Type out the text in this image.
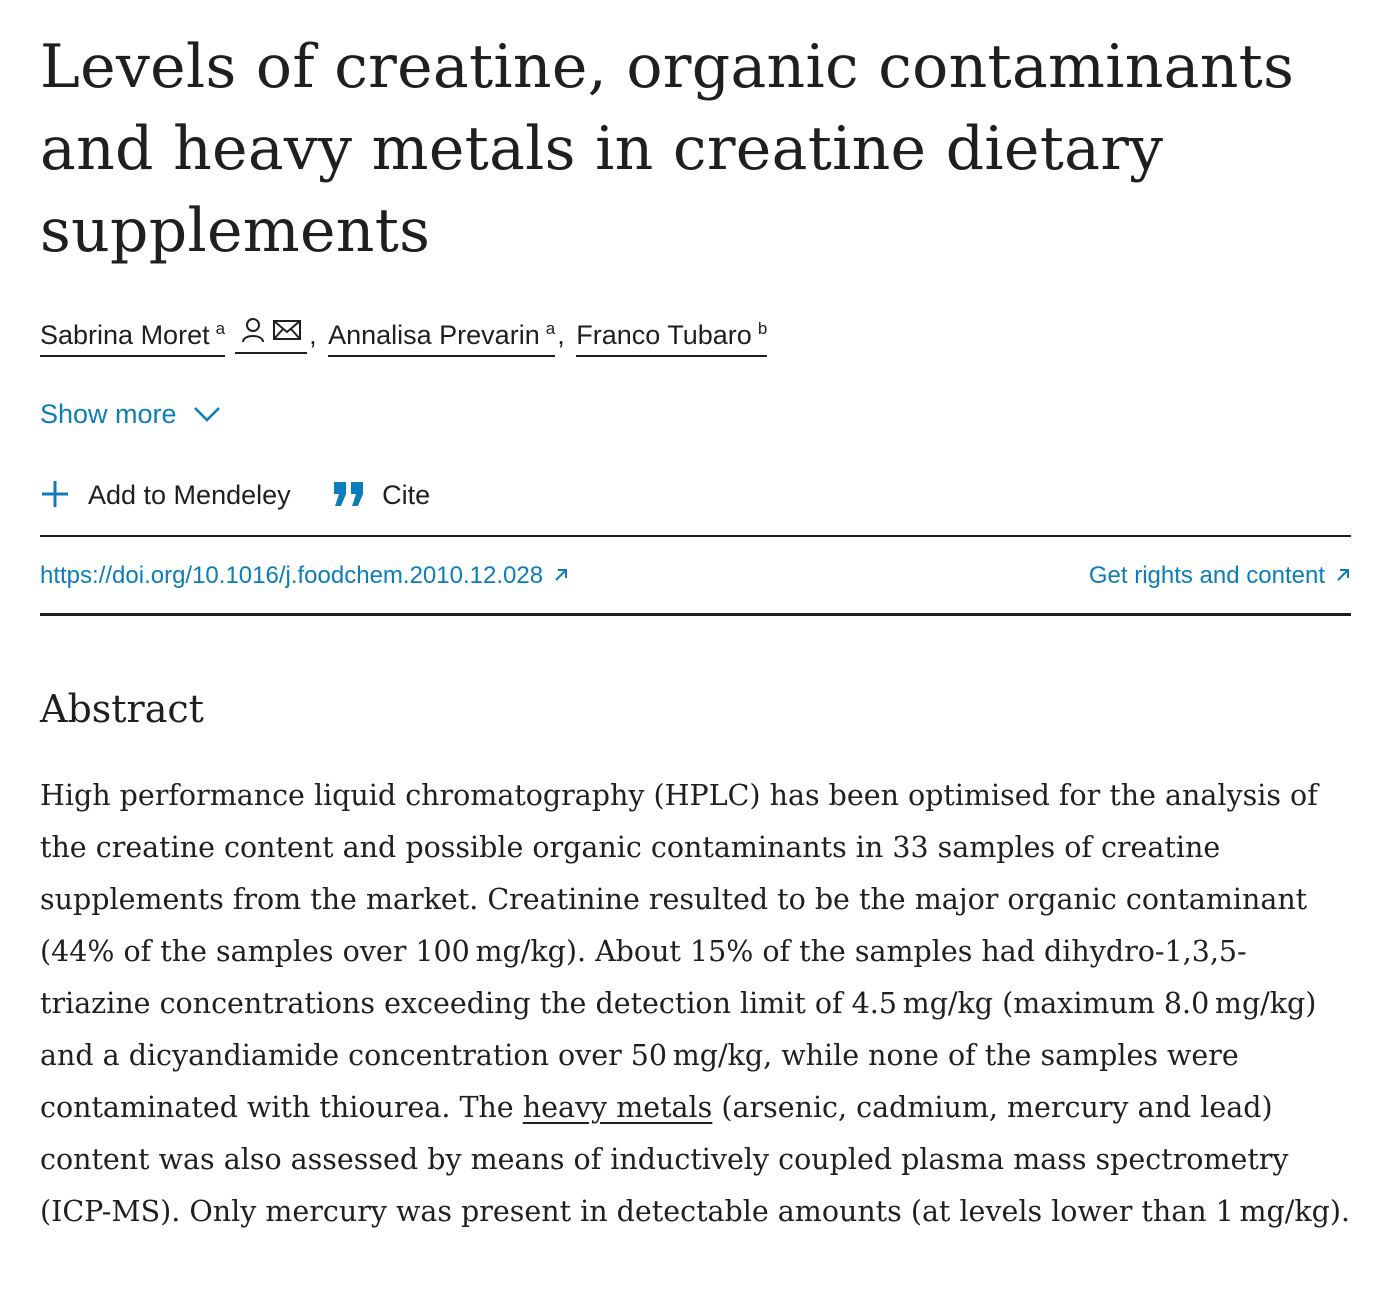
Levels of creatine, organic contaminants and heavy metals in creatine dietary supplements
Sabrina Moret $^a$	, Annalisa Prevarin $^a$, Franco Tubaro $^b$
Show more
Add to Mendeley	Cite
https://doi.org/10.1016/j.foodchem.2010.12.028	Get rights and content
Abstract

High performance liquid chromatography (HPLC) has been optimised for the analysis of the creatine content and possible organic contaminants in 33 samples of creatine supplements from the market. Creatinine resulted to be the major organic contaminant (44% of the samples over 100 mg/kg). About 15% of the samples had dihydro-1,3,5-triazine concentrations exceeding the detection limit of 4.5 mg/kg (maximum 8.0 mg/kg) and a dicyandiamide concentration over 50 mg/kg, while none of the samples were contaminated with thiourea. The heavy metals (arsenic, cadmium, mercury and lead) content was also assessed by means of inductively coupled plasma mass spectrometry (ICP-MS). Only mercury was present in detectable amounts (at levels lower than 1 mg/kg).
